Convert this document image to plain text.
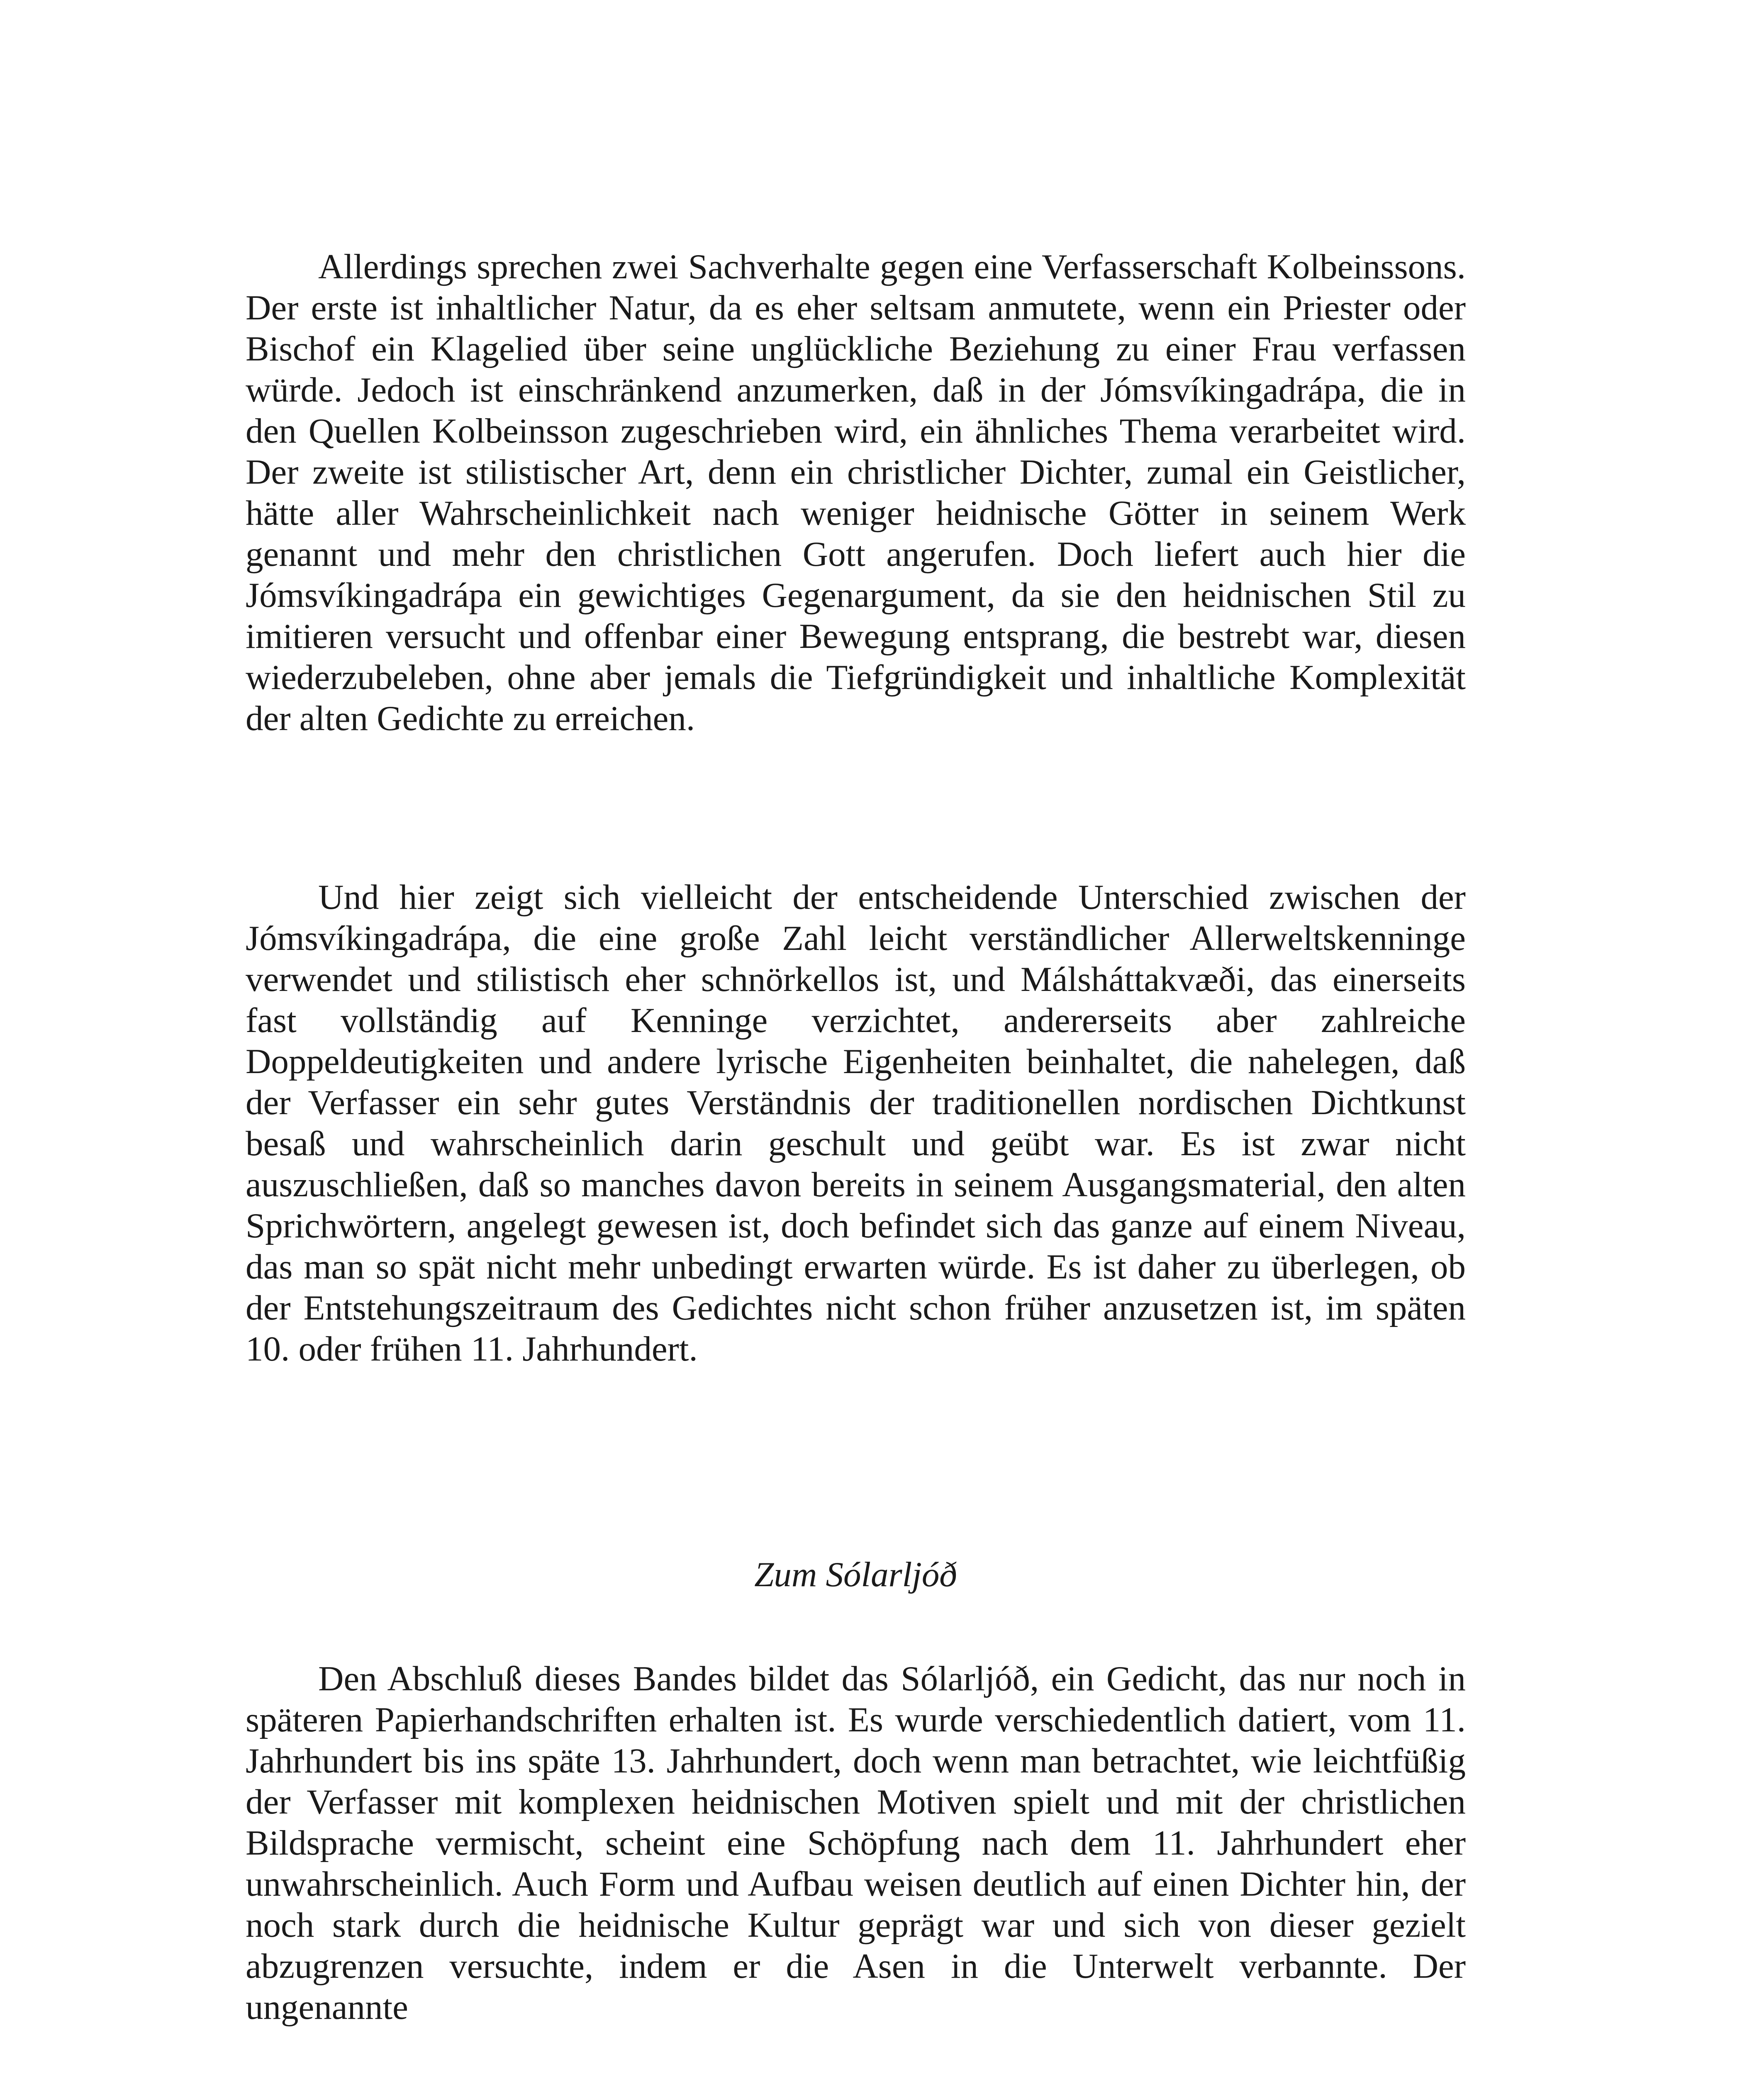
Allerdings sprechen zwei Sachverhalte gegen eine Verfasserschaft Kolbeinssons. Der erste ist inhaltlicher Natur, da es eher seltsam anmutete, wenn ein Priester oder Bischof ein Klagelied über seine unglückliche Beziehung zu einer Frau verfassen würde. Jedoch ist einschränkend anzumerken, daß in der Jómsvíkingadrápa, die in den Quellen Kolbeinsson zugeschrieben wird, ein ähnliches Thema verarbeitet wird. Der zweite ist stilistischer Art, denn ein christlicher Dichter, zumal ein Geistlicher, hätte aller Wahrscheinlichkeit nach weniger heidnische Götter in seinem Werk genannt und mehr den christlichen Gott angerufen. Doch liefert auch hier die Jómsvíkingadrápa ein gewichtiges Gegenargument, da sie den heidnischen Stil zu imitieren versucht und offenbar einer Bewegung entsprang, die bestrebt war, diesen wiederzubeleben, ohne aber jemals die Tiefgründigkeit und inhaltliche Komplexität der alten Gedichte zu erreichen.

Und hier zeigt sich vielleicht der entscheidende Unterschied zwischen der Jómsvíkingadrápa, die eine große Zahl leicht verständlicher Allerweltskenninge verwendet und stilistisch eher schnörkellos ist, und Málsháttakvæði, das einerseits fast vollständig auf Kenninge verzichtet, andererseits aber zahlreiche Doppeldeutigkeiten und andere lyrische Eigenheiten beinhaltet, die nahelegen, daß der Verfasser ein sehr gutes Verständnis der traditionellen nordischen Dichtkunst besaß und wahrscheinlich darin geschult und geübt war. Es ist zwar nicht auszuschließen, daß so manches davon bereits in seinem Ausgangsmaterial, den alten Sprichwörtern, angelegt gewesen ist, doch befindet sich das ganze auf einem Niveau, das man so spät nicht mehr unbedingt erwarten würde. Es ist daher zu überlegen, ob der Entstehungszeitraum des Gedichtes nicht schon früher anzusetzen ist, im späten 10. oder frühen 11. Jahrhundert.

Zum Sólarljóð

Den Abschluß dieses Bandes bildet das Sólarljóð, ein Gedicht, das nur noch in späteren Papierhandschriften erhalten ist. Es wurde verschiedentlich datiert, vom 11. Jahrhundert bis ins späte 13. Jahrhundert, doch wenn man betrachtet, wie leichtfüßig der Verfasser mit komplexen heidnischen Motiven spielt und mit der christlichen Bildsprache vermischt, scheint eine Schöpfung nach dem 11. Jahrhundert eher unwahrscheinlich. Auch Form und Aufbau weisen deutlich auf einen Dichter hin, der noch stark durch die heidnische Kultur geprägt war und sich von dieser gezielt abzugrenzen versuchte, indem er die Asen in die Unterwelt verbannte. Der ungenannte
